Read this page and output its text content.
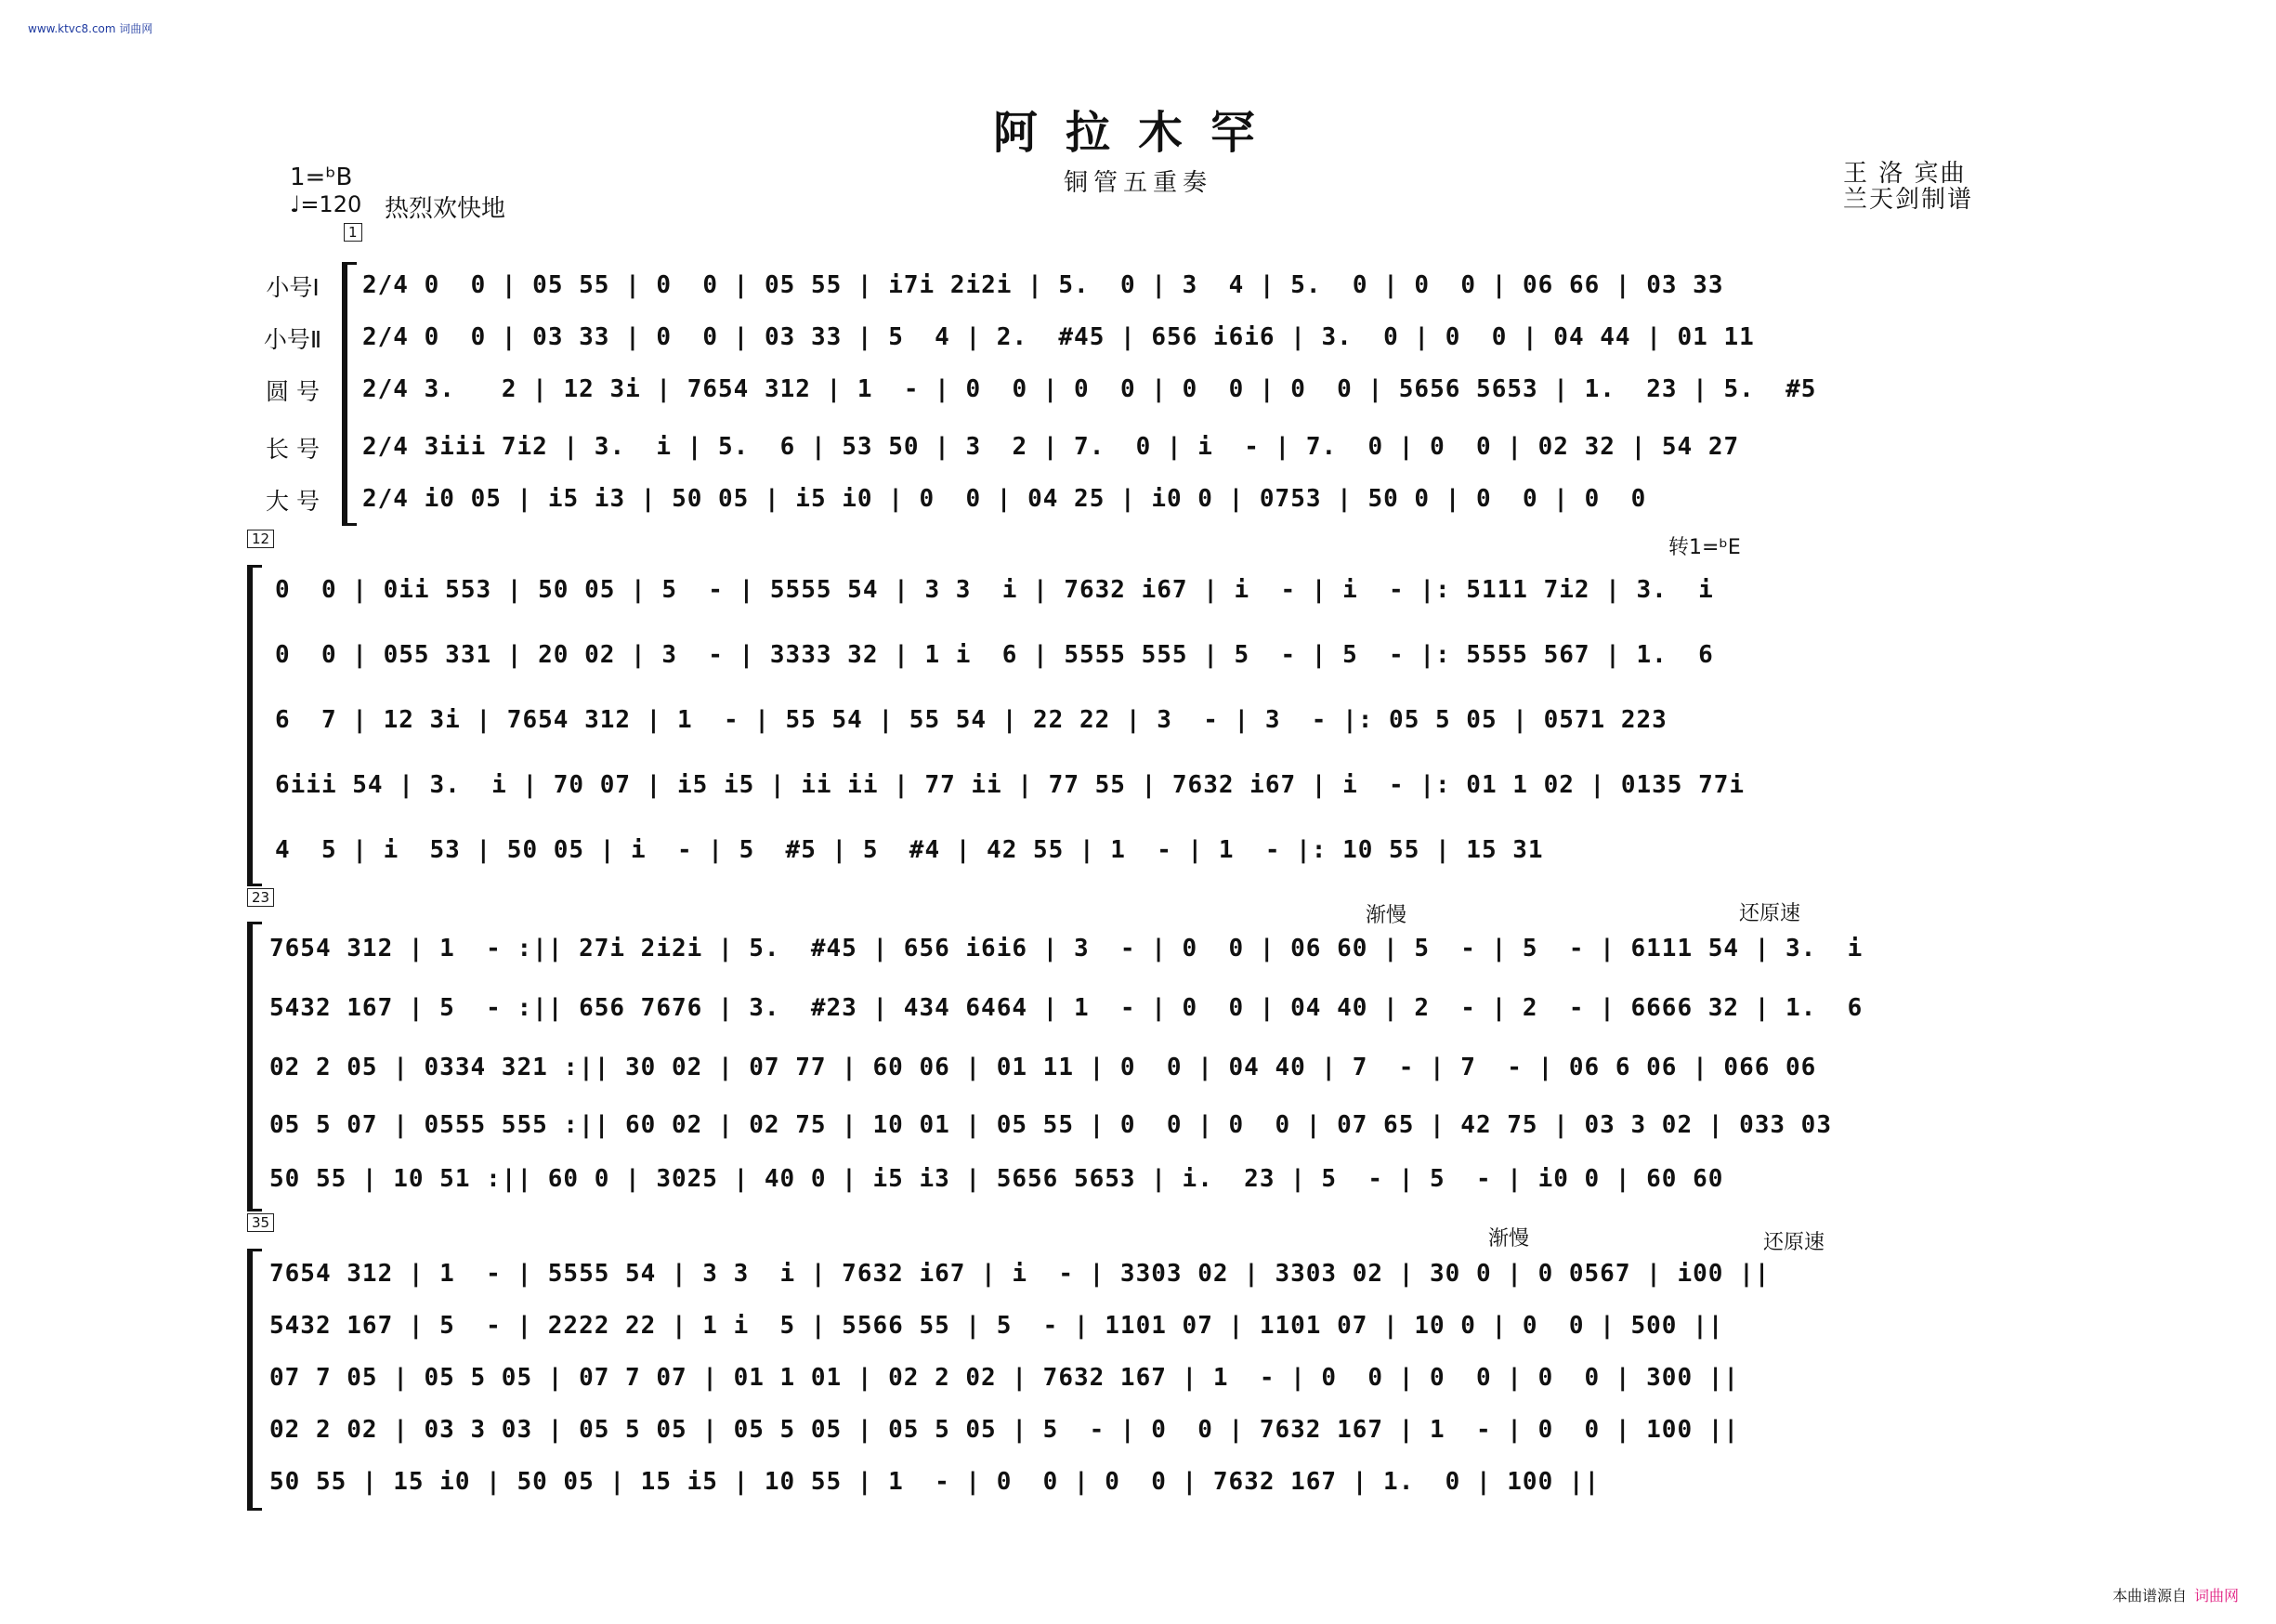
www.ktvc8.com 词曲网
阿拉木罕
铜管五重奏
1=ᵇB
♩=120 热烈欢快地
王 洛 宾曲
兰天剑制谱
1
小号Ⅰ
小号Ⅱ
圆 号
长 号
大 号
2/4 0  0 | 05 55 | 0  0 | 05 55 | i7i 2i2i | 5.  0 | 3  4 | 5.  0 | 0  0 | 06 66 | 03 33
2/4 0  0 | 03 33 | 0  0 | 03 33 | 5  4 | 2.  #45 | 656 i6i6 | 3.  0 | 0  0 | 04 44 | 01 11
2/4 3.   2 | 12 3i | 7654 312 | 1  - | 0  0 | 0  0 | 0  0 | 0  0 | 5656 5653 | 1.  23 | 5.  #5
2/4 3iii 7i2 | 3.  i | 5.  6 | 53 50 | 3  2 | 7.  0 | i  - | 7.  0 | 0  0 | 02 32 | 54 27
2/4 i0 05 | i5 i3 | 50 05 | i5 i0 | 0  0 | 04 25 | i0 0 | 0753 | 50 0 | 0  0 | 0  0
12	转1=ᵇE
0  0 | 0ii 553 | 50 05 | 5  - | 5555 54 | 3 3  i | 7632 i67 | i  - | i  - |: 5111 7i2 | 3.  i
0  0 | 055 331 | 20 02 | 3  - | 3333 32 | 1 i  6 | 5555 555 | 5  - | 5  - |: 5555 567 | 1.  6
6  7 | 12 3i | 7654 312 | 1  - | 55 54 | 55 54 | 22 22 | 3  - | 3  - |: 05 5 05 | 0571 223
6iii 54 | 3.  i | 70 07 | i5 i5 | ii ii | 77 ii | 77 55 | 7632 i67 | i  - |: 01 1 02 | 0135 77i
4  5 | i  53 | 50 05 | i  - | 5  #5 | 5  #4 | 42 55 | 1  - | 1  - |: 10 55 | 15 31
23
渐慢	还原速
7654 312 | 1  - :|| 27i 2i2i | 5.  #45 | 656 i6i6 | 3  - | 0  0 | 06 60 | 5  - | 5  - | 6111 54 | 3.  i
5432 167 | 5  - :|| 656 7676 | 3.  #23 | 434 6464 | 1  - | 0  0 | 04 40 | 2  - | 2  - | 6666 32 | 1.  6
02 2 05 | 0334 321 :|| 30 02 | 07 77 | 60 06 | 01 11 | 0  0 | 04 40 | 7  - | 7  - | 06 6 06 | 066 06
05 5 07 | 0555 555 :|| 60 02 | 02 75 | 10 01 | 05 55 | 0  0 | 0  0 | 07 65 | 42 75 | 03 3 02 | 033 03
50 55 | 10 51 :|| 60 0 | 3025 | 40 0 | i5 i3 | 5656 5653 | i.  23 | 5  - | 5  - | i0 0 | 60 60
35
渐慢	还原速
7654 312 | 1  - | 5555 54 | 3 3  i | 7632 i67 | i  - | 3303 02 | 3303 02 | 30 0 | 0 0567 | i00 ||
5432 167 | 5  - | 2222 22 | 1 i  5 | 5566 55 | 5  - | 1101 07 | 1101 07 | 10 0 | 0  0 | 500 ||
07 7 05 | 05 5 05 | 07 7 07 | 01 1 01 | 02 2 02 | 7632 167 | 1  - | 0  0 | 0  0 | 0  0 | 300 ||
02 2 02 | 03 3 03 | 05 5 05 | 05 5 05 | 05 5 05 | 5  - | 0  0 | 7632 167 | 1  - | 0  0 | 100 ||
50 55 | 15 i0 | 50 05 | 15 i5 | 10 55 | 1  - | 0  0 | 0  0 | 7632 167 | 1.  0 | 100 ||
本曲谱源自 词曲网
